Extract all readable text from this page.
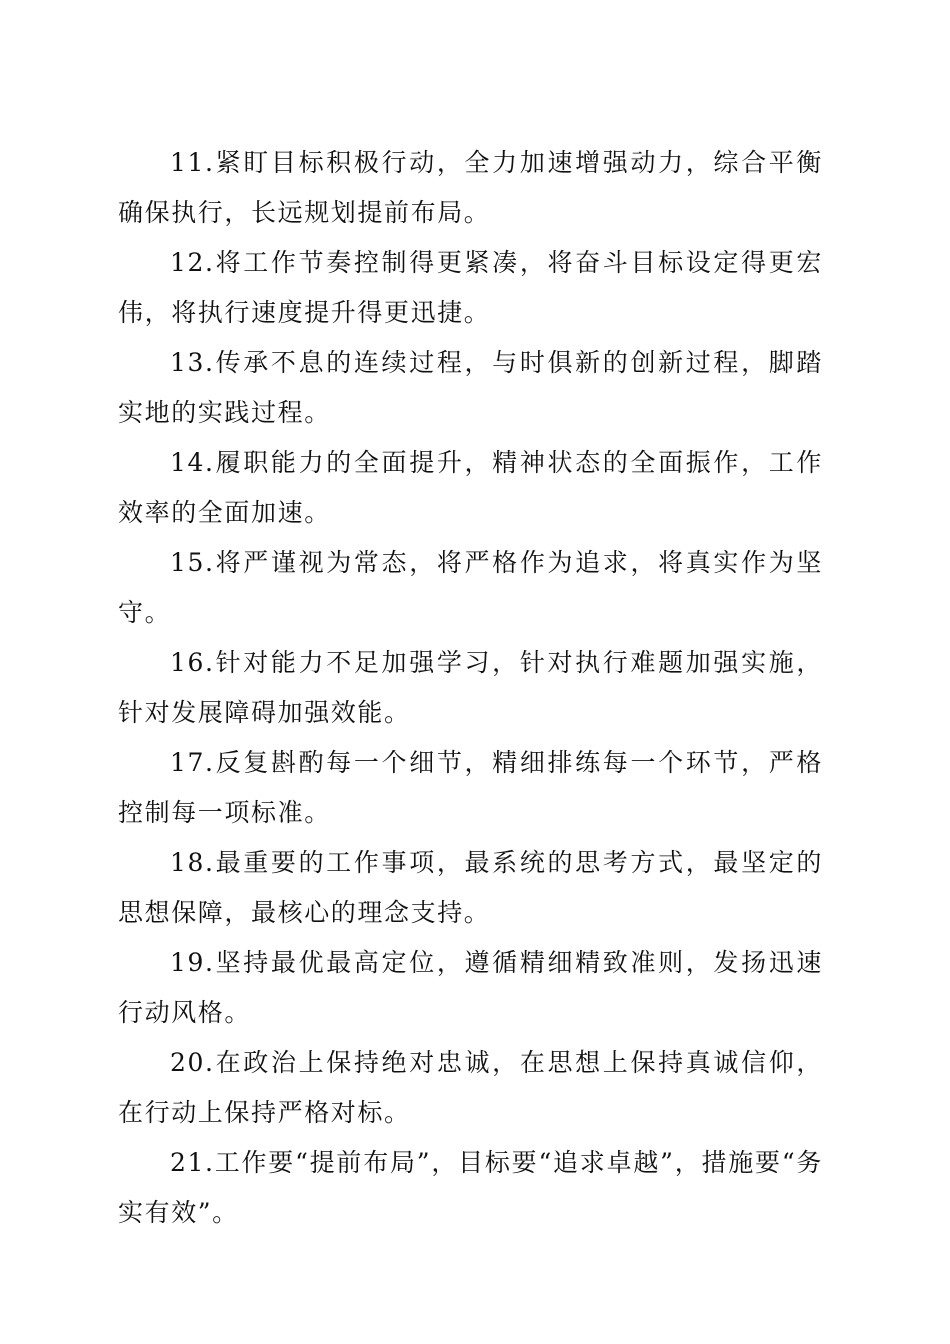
11.紧盯目标积极行动，全力加速增强动力，综合平衡确保执行，长远规划提前布局。

12.将工作节奏控制得更紧凑，将奋斗目标设定得更宏伟，将执行速度提升得更迅捷。

13.传承不息的连续过程，与时俱新的创新过程，脚踏实地的实践过程。

14.履职能力的全面提升，精神状态的全面振作，工作效率的全面加速。

15.将严谨视为常态，将严格作为追求，将真实作为坚守。

16.针对能力不足加强学习，针对执行难题加强实施，针对发展障碍加强效能。

17.反复斟酌每一个细节，精细排练每一个环节，严格控制每一项标准。

18.最重要的工作事项，最系统的思考方式，最坚定的思想保障，最核心的理念支持。

19.坚持最优最高定位，遵循精细精致准则，发扬迅速行动风格。

20.在政治上保持绝对忠诚，在思想上保持真诚信仰，在行动上保持严格对标。

21.工作要“提前布局”，目标要“追求卓越”，措施要“务实有效”。
